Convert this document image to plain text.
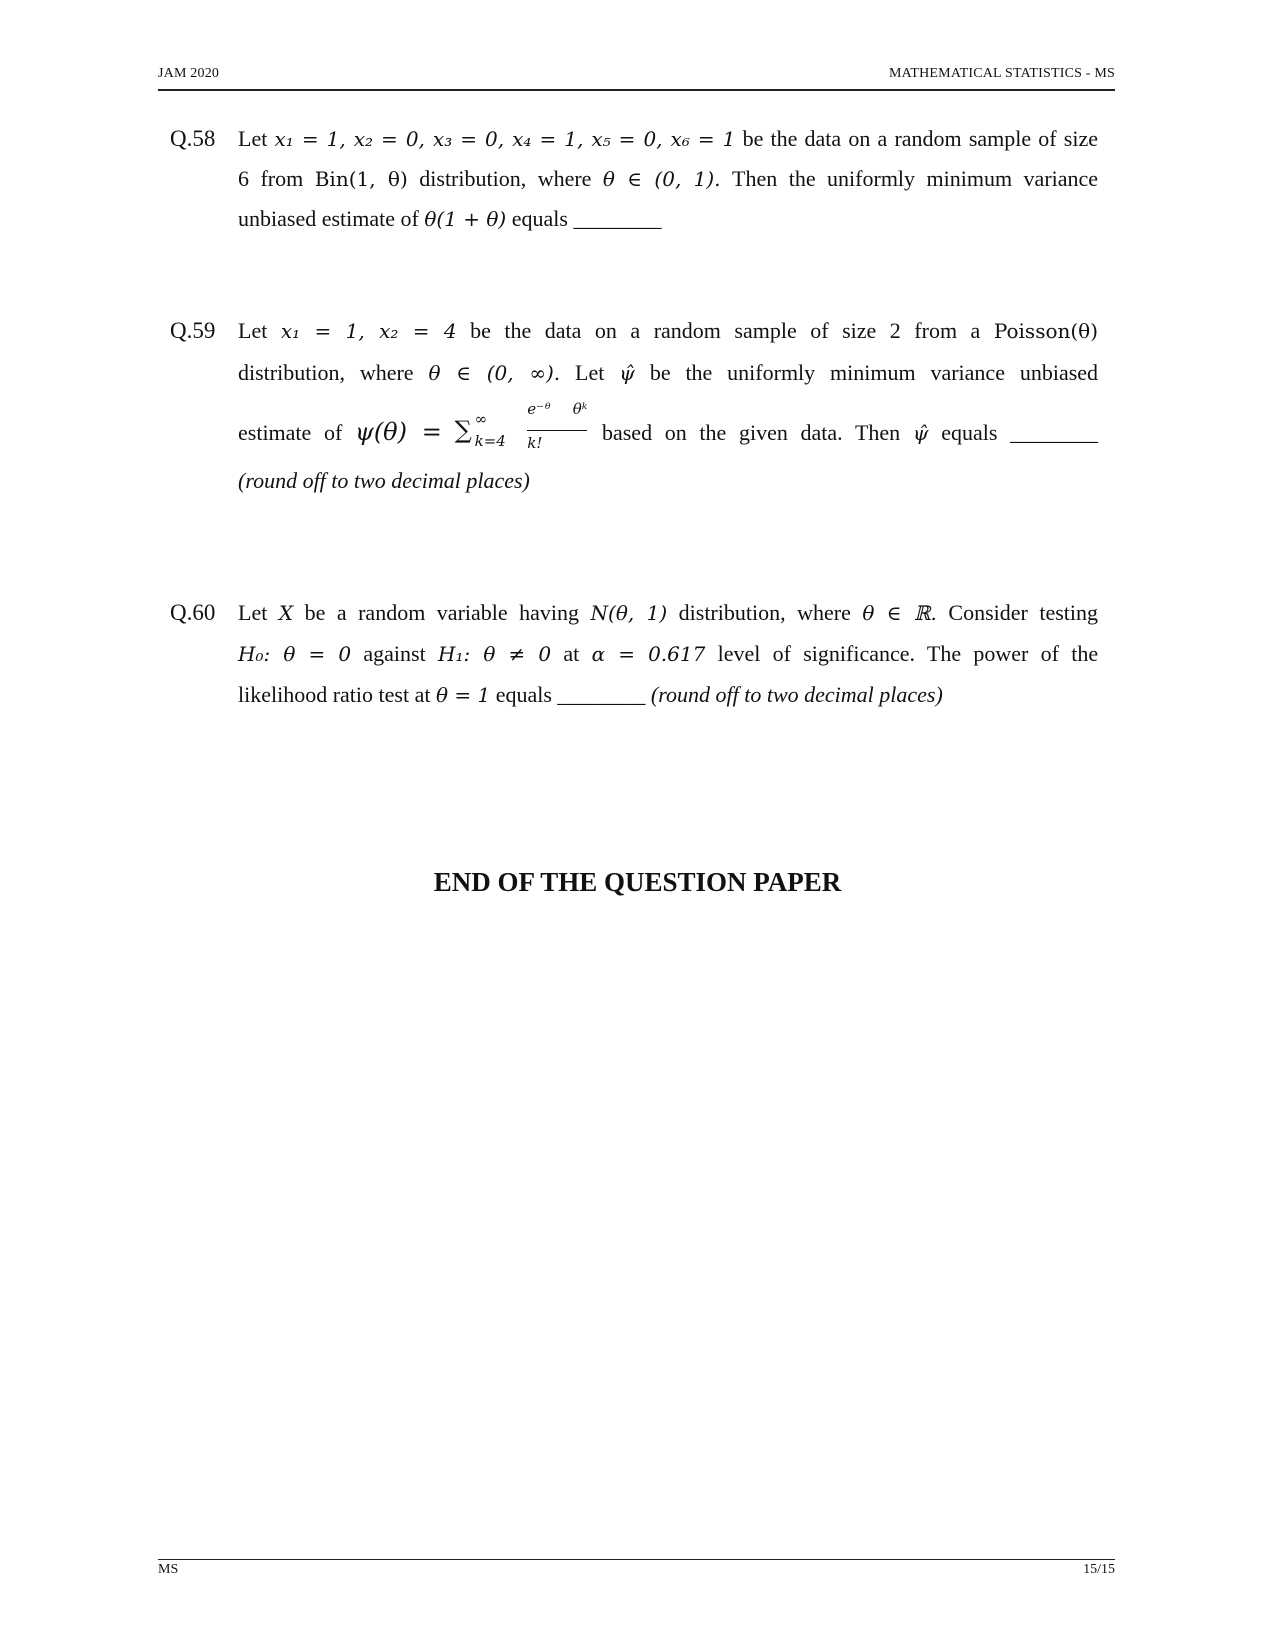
JAM 2020	MATHEMATICAL STATISTICS - MS
Q.58 Let x₁ = 1, x₂ = 0, x₃ = 0, x₄ = 1, x₅ = 0, x₆ = 1 be the data on a random sample of size
6 from Bin(1, θ) distribution, where θ ∈ (0, 1). Then the uniformly minimum variance
unbiased estimate of θ(1 + θ) equals ________
Q.59 Let x₁ = 1, x₂ = 4 be the data on a random sample of size 2 from a Poisson(θ)
distribution, where θ ∈ (0, ∞). Let ψ̂ be the uniformly minimum variance unbiased
estimate of ψ(θ) = ∑ ∞
k=4
$\frac{\text{e⁻ᶿ θᵏ}}{k!}$ based on the given data. Then ψ̂ equals ________
(round off to two decimal places)
Q.60 Let X be a random variable having N(θ, 1) distribution, where θ ∈ ℝ. Consider testing
H₀: θ = 0 against H₁: θ ≠ 0 at α = 0.617 level of significance. The power of the
likelihood ratio test at θ = 1 equals ________ (round off to two decimal places)
END OF THE QUESTION PAPER
MS	15/15
